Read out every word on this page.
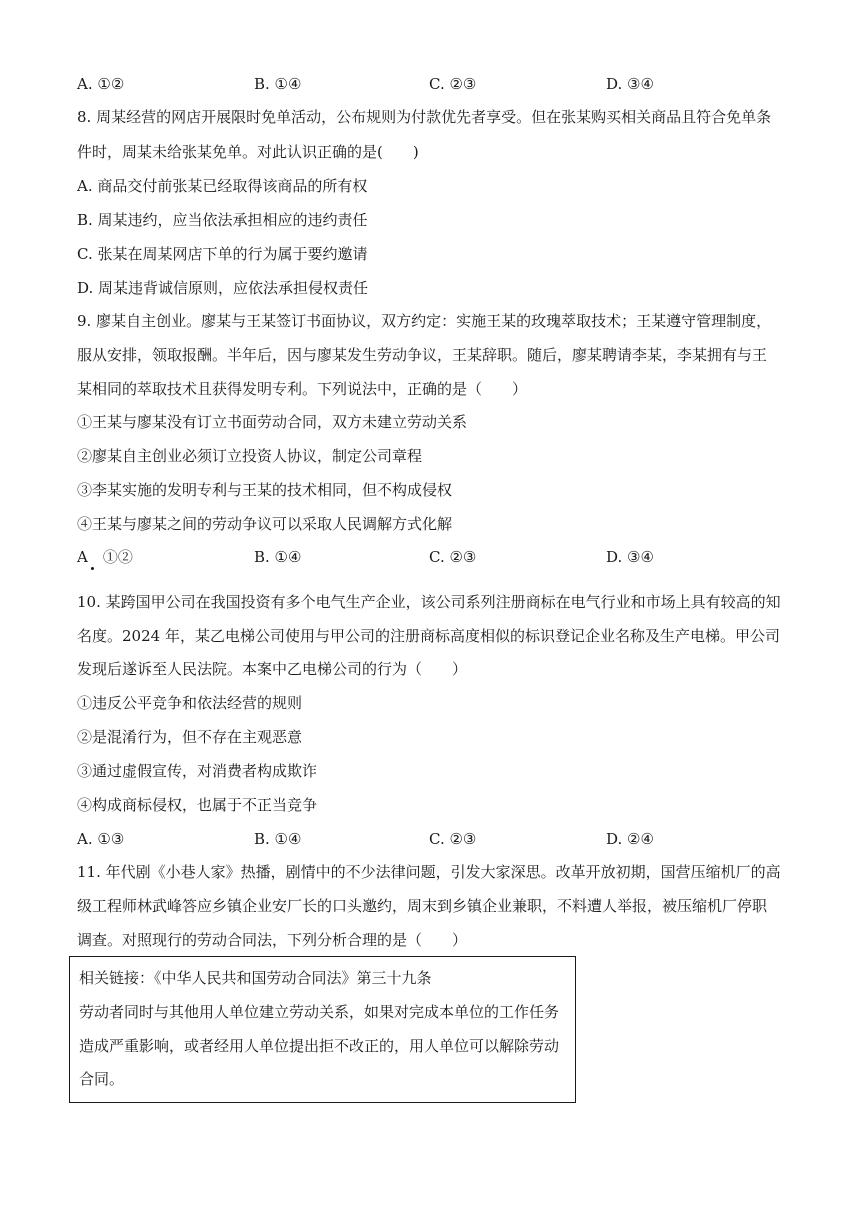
A. ①②	B. ①④	C. ②③	D. ③④
8. 周某经营的网店开展限时免单活动，公布规则为付款优先者享受。但在张某购买相关商品且符合免单条
件时，周某未给张某免单。对此认识正确的是(　　)
A. 商品交付前张某已经取得该商品的所有权
B. 周某违约，应当依法承担相应的违约责任
C. 张某在周某网店下单的行为属于要约邀请
D. 周某违背诚信原则，应依法承担侵权责任
9. 廖某自主创业。廖某与王某签订书面协议，双方约定：实施王某的玫瑰萃取技术；王某遵守管理制度，
服从安排，领取报酬。半年后，因与廖某发生劳动争议，王某辞职。随后，廖某聘请李某，李某拥有与王
某相同的萃取技术且获得发明专利。下列说法中，正确的是（　　）
①王某与廖某没有订立书面劳动合同，双方未建立劳动关系
②廖某自主创业必须订立投资人协议，制定公司章程
③李某实施的发明专利与王某的技术相同，但不构成侵权
④王某与廖某之间的劳动争议可以采取人民调解方式化解
A　①②	B. ①④	C. ②③	D. ③④
10. 某跨国甲公司在我国投资有多个电气生产企业，该公司系列注册商标在电气行业和市场上具有较高的知
名度。2024 年，某乙电梯公司使用与甲公司的注册商标高度相似的标识登记企业名称及生产电梯。甲公司
发现后遂诉至人民法院。本案中乙电梯公司的行为（　　）
①违反公平竞争和依法经营的规则
②是混淆行为，但不存在主观恶意
③通过虚假宣传，对消费者构成欺诈
④构成商标侵权，也属于不正当竞争
A. ①③	B. ①④	C. ②③	D. ②④
11. 年代剧《小巷人家》热播，剧情中的不少法律问题，引发大家深思。改革开放初期，国营压缩机厂的高
级工程师林武峰答应乡镇企业安厂长的口头邀约，周末到乡镇企业兼职，不料遭人举报，被压缩机厂停职
调查。对照现行的劳动合同法，下列分析合理的是（　　）
相关链接：《中华人民共和国劳动合同法》第三十九条
劳动者同时与其他用人单位建立劳动关系，如果对完成本单位的工作任务
造成严重影响，或者经用人单位提出拒不改正的，用人单位可以解除劳动
合同。
